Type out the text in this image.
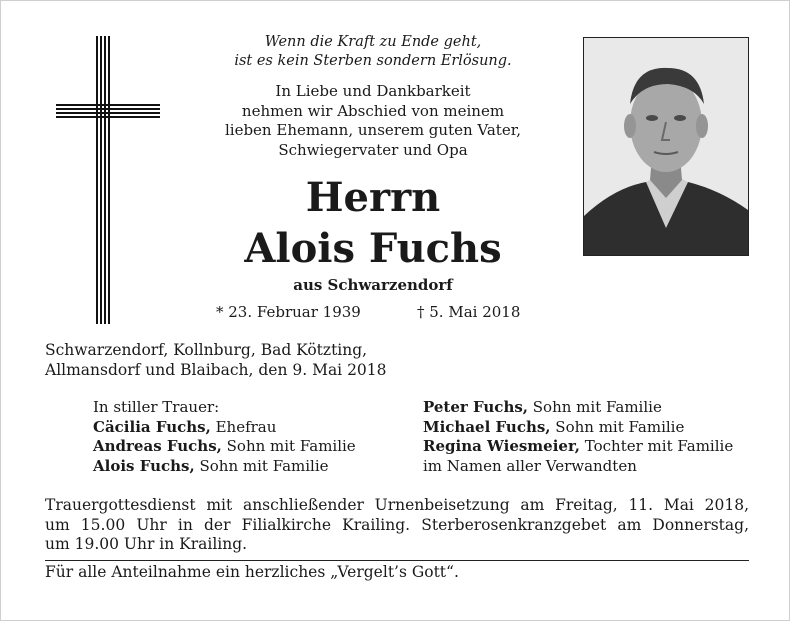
Wenn die Kraft zu Ende geht,
ist es kein Sterben sondern Erlösung.
In Liebe und Dankbarkeit
nehmen wir Abschied von meinem
lieben Ehemann, unserem guten Vater,
Schwiegervater und Opa
Herrn
Alois Fuchs
aus Schwarzendorf
* 23. Februar 1939	† 5. Mai 2018
Schwarzendorf, Kollnburg, Bad Kötzting,
Allmansdorf und Blaibach, den 9. Mai 2018
In stiller Trauer:
Cäcilia Fuchs, Ehefrau
Andreas Fuchs, Sohn mit Familie
Alois Fuchs, Sohn mit Familie
Peter Fuchs, Sohn mit Familie
Michael Fuchs, Sohn mit Familie
Regina Wiesmeier, Tochter mit Familie
im Namen aller Verwandten
Trauergottesdienst mit anschließender Urnenbeisetzung am Freitag, 11. Mai 2018,
um 15.00 Uhr in der Filialkirche Krailing. Sterberosenkranzgebet am Donnerstag,
um 19.00 Uhr in Krailing.
Für alle Anteilnahme ein herzliches „Vergelt’s Gott“.
